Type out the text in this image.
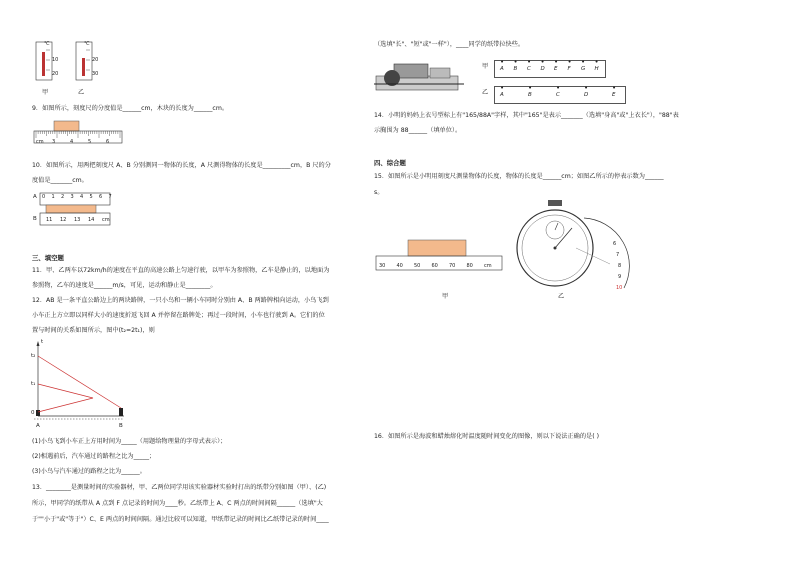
℃	℃
10
20
20
30
甲	乙
9．如图所示，刻度尺的分度值是______cm，木块的长度为______cm。
cm 3	4	5	6
10．如图所示，用两把刻度尺 A、B 分别测同一物体的长度，A 尺测得物体的长度是_________cm，B 尺的分
度值是_______cm。
A
B
0 1 2 3 4 5 6 7
11 12 13 14 cm
三、填空题
11．甲、乙两车以72km/h的速度在平直的高速公路上匀速行驶，以甲车为参照物，乙车是静止的，以地面为
参照物，乙车的速度是______m/s，可见，运动和静止是________。
12．AB 是一条平直公路边上的两块路牌，一只小鸟和一辆小车同时分别由 A、B 两路牌相向运动，小鸟飞到
小车正上方立即以同样大小的速度折返飞回 A 并停留在路牌处；再过一段时间，小车也行驶到 A。它们的位
置与时间的关系如图所示，图中(t₂=2t₁)，则
t
t₂
t₁
0
A	B
(1)小鸟飞到小车正上方用时间为_____（用题给物理量的字母式表示）；
(2)相遇前后，汽车通过的路程之比为_____；
(3)小鸟与汽车通过的路程之比为______。
13．________是测量时间的实验器材，甲、乙两位同学用该实验器材实验时打出的纸带分别如图（甲）、(乙)
所示，甲同学的纸带从 A 点到 F 点记录的时间为____秒。乙纸带上 A、C 两点的时间间隔______（选填"大
于""小于"或"等于"）C、E 两点的时间间隔。通过比较可以知道，甲纸带记录的时间比乙纸带记录的时间____
（选填"长"、"短"或"一样"），____同学的纸带拉快些。
甲
•
A
•
B
•
C
•
D
•
E
•
F
•
G
•
H
乙
•
A
•
B
•
C
•
D
•
E
14．小明的妈妈上衣号型标上有"165/88A"字样，其中"165"是表示_______（选填"身高"或"上衣长"），"88"表
示胸围为 88______（填单位）。
四、综合题
15．如图所示是小明用刻度尺测量物体的长度，物体的长度是______cm；如图乙所示的停表示数为______
s。
30 40 50 60 70 80 cm
甲
6
7
8
9
10
乙
16．如图所示是海波和蜡烛熔化时温度随时间变化的图像，则以下说法正确的是( )
